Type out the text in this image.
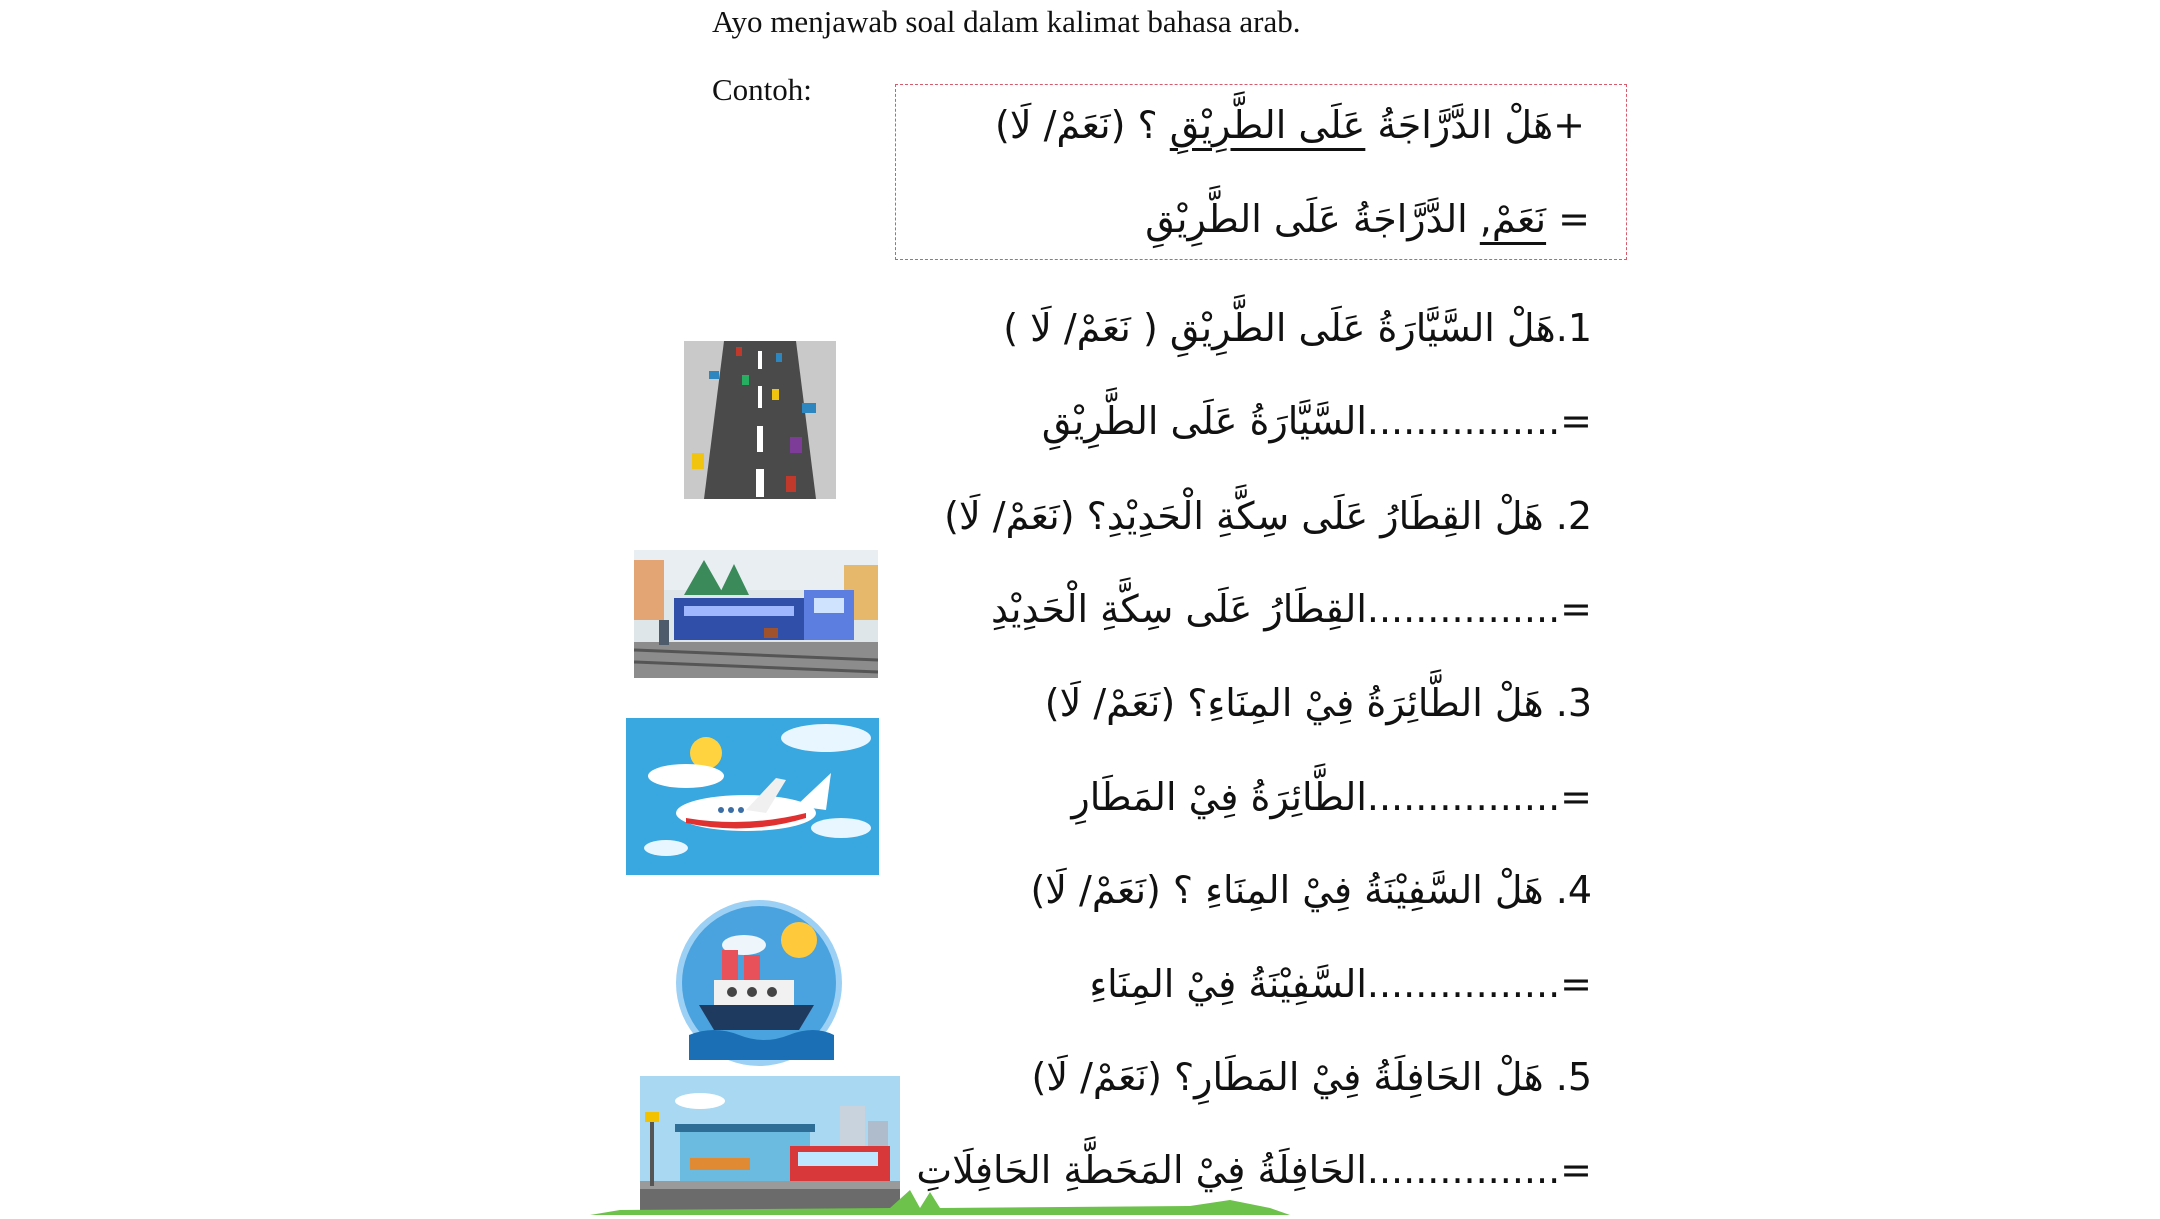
Ayo menjawab soal dalam kalimat bahasa arab.
Contoh:
+هَلْ الدَّرَّاجَةُ عَلَى الطَّرِيْقِ ؟ (نَعَمْ/ لَا)
= نَعَمْ, الدَّرَّاجَةُ عَلَى الطَّرِيْقِ
1.هَلْ السَّيَّارَةُ عَلَى الطَّرِيْقِ ( نَعَمْ/ لَا )
=................السَّيَّارَةُ عَلَى الطَّرِيْقِ
2. هَلْ القِطَارُ عَلَى سِكَّةِ الْحَدِيْدِ؟ (نَعَمْ/ لَا)
=................القِطَارُ عَلَى سِكَّةِ الْحَدِيْدِ
3. هَلْ الطَّائِرَةُ فِيْ المِنَاءِ؟ (نَعَمْ/ لَا)
=................الطَّائِرَةُ فِيْ المَطَارِ
4. هَلْ السَّفِيْنَةُ فِيْ المِنَاءِ ؟ (نَعَمْ/ لَا)
=................السَّفِيْنَةُ فِيْ المِنَاءِ
5. هَلْ الحَافِلَةُ فِيْ المَطَارِ؟ (نَعَمْ/ لَا)
=................الحَافِلَةُ فِيْ المَحَطَّةِ الحَافِلَاتِ
